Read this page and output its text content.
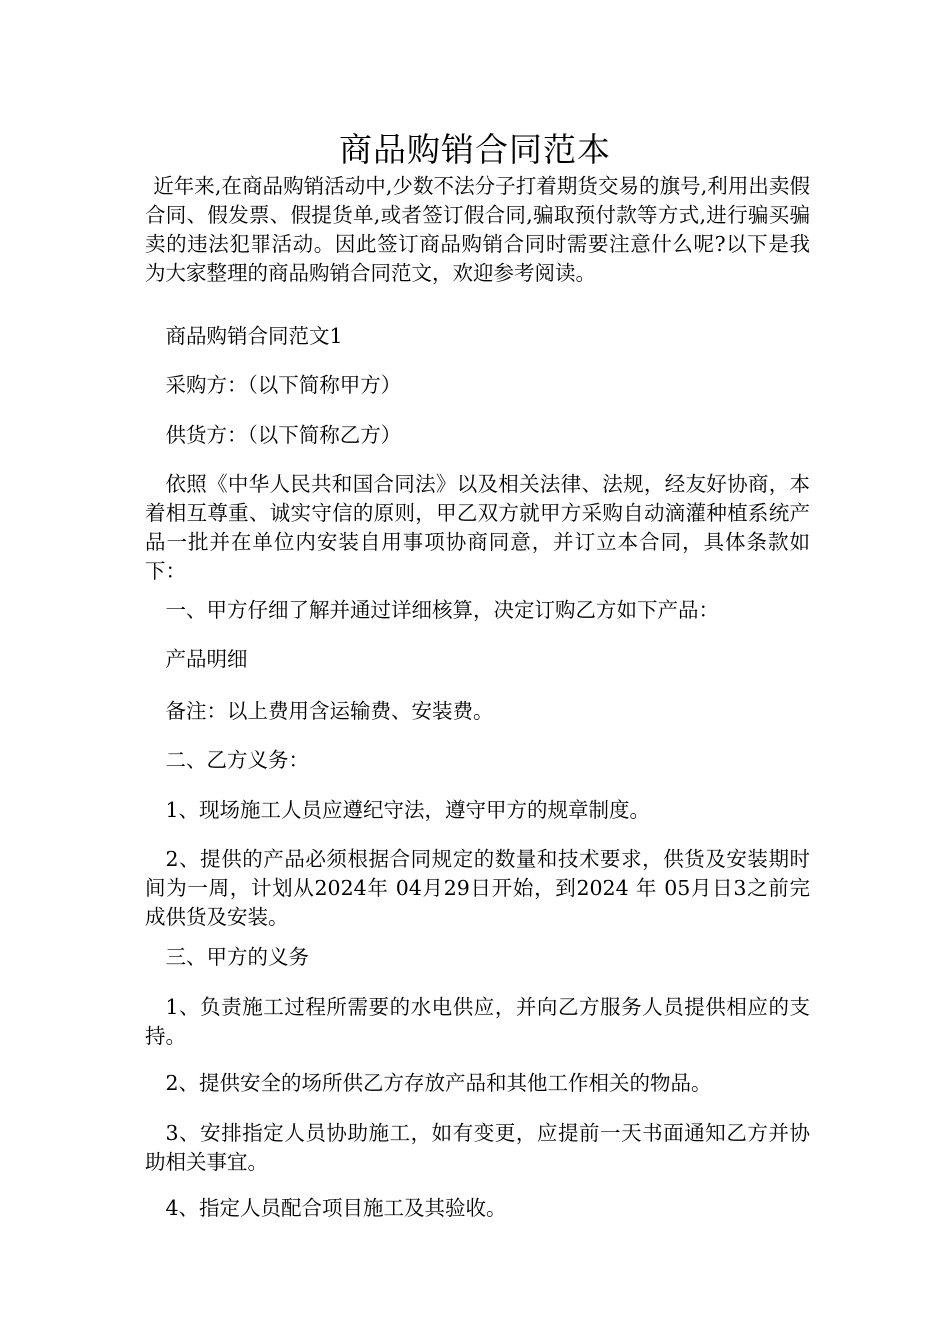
商品购销合同范本
近年来,在商品购销活动中,少数不法分子打着期货交易的旗号,利用出卖假合同、假发票、假提货单,或者签订假合同,骗取预付款等方式,进行骗买骗卖的违法犯罪活动。因此签订商品购销合同时需要注意什么呢?以下是我为大家整理的商品购销合同范文，欢迎参考阅读。
商品购销合同范文1
采购方：（以下简称甲方）
供货方：（以下简称乙方）
依照《中华人民共和国合同法》以及相关法律、法规，经友好协商，本着相互尊重、诚实守信的原则，甲乙双方就甲方采购自动滴灌种植系统产品一批并在单位内安装自用事项协商同意，并订立本合同，具体条款如下：
一、甲方仔细了解并通过详细核算，决定订购乙方如下产品：
产品明细
备注：以上费用含运输费、安装费。
二、乙方义务：
1、现场施工人员应遵纪守法，遵守甲方的规章制度。
2、提供的产品必须根据合同规定的数量和技术要求，供货及安装期时间为一周，计划从2024年 04月29日开始，到2024 年 05月日3之前完成供货及安装。
三、甲方的义务
1、负责施工过程所需要的水电供应，并向乙方服务人员提供相应的支持。
2、提供安全的场所供乙方存放产品和其他工作相关的物品。
3、安排指定人员协助施工，如有变更，应提前一天书面通知乙方并协助相关事宜。
4、指定人员配合项目施工及其验收。
